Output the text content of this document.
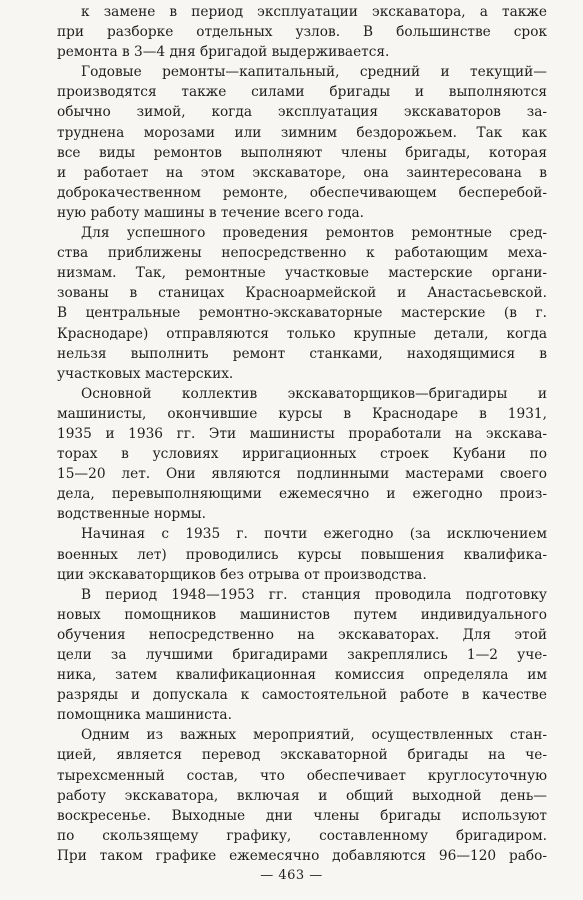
к замене в период эксплуатации экскаватора, а также
при разборке отдельных узлов. В большинстве срок
ремонта в 3—4 дня бригадой выдерживается.
Годовые ремонты—капитальный, средний и текущий—
производятся также силами бригады и выполняются
обычно зимой, когда эксплуатация экскаваторов за-
труднена морозами или зимним бездорожьем. Так как
все виды ремонтов выполняют члены бригады, которая
и работает на этом экскаваторе, она заинтересована в
доброкачественном ремонте, обеспечивающем бесперебой-
ную работу машины в течение всего года.
Для успешного проведения ремонтов ремонтные сред-
ства приближены непосредственно к работающим меха-
низмам. Так, ремонтные участковые мастерские органи-
зованы в станицах Красноармейской и Анастасьевской.
В центральные ремонтно-экскаваторные мастерские (в г.
Краснодаре) отправляются только крупные детали, когда
нельзя выполнить ремонт станками, находящимися в
участковых мастерских.
Основной коллектив экскаваторщиков—бригадиры и
машинисты, окончившие курсы в Краснодаре в 1931,
1935 и 1936 гг. Эти машинисты проработали на экскава-
торах в условиях ирригационных строек Кубани по
15—20 лет. Они являются подлинными мастерами своего
дела, перевыполняющими ежемесячно и ежегодно произ-
водственные нормы.
Начиная с 1935 г. почти ежегодно (за исключением
военных лет) проводились курсы повышения квалифика-
ции экскаваторщиков без отрыва от производства.
В период 1948—1953 гг. станция проводила подготовку
новых помощников машинистов путем индивидуального
обучения непосредственно на экскаваторах. Для этой
цели за лучшими бригадирами закреплялись 1—2 уче-
ника, затем квалификационная комиссия определяла им
разряды и допускала к самостоятельной работе в качестве
помощника машиниста.
Одним из важных мероприятий, осуществленных стан-
цией, является перевод экскаваторной бригады на че-
тырехсменный состав, что обеспечивает круглосуточную
работу экскаватора, включая и общий выходной день—
воскресенье. Выходные дни члены бригады используют
по скользящему графику, составленному бригадиром.
При таком графике ежемесячно добавляются 96—120 рабо-
— 463 —
